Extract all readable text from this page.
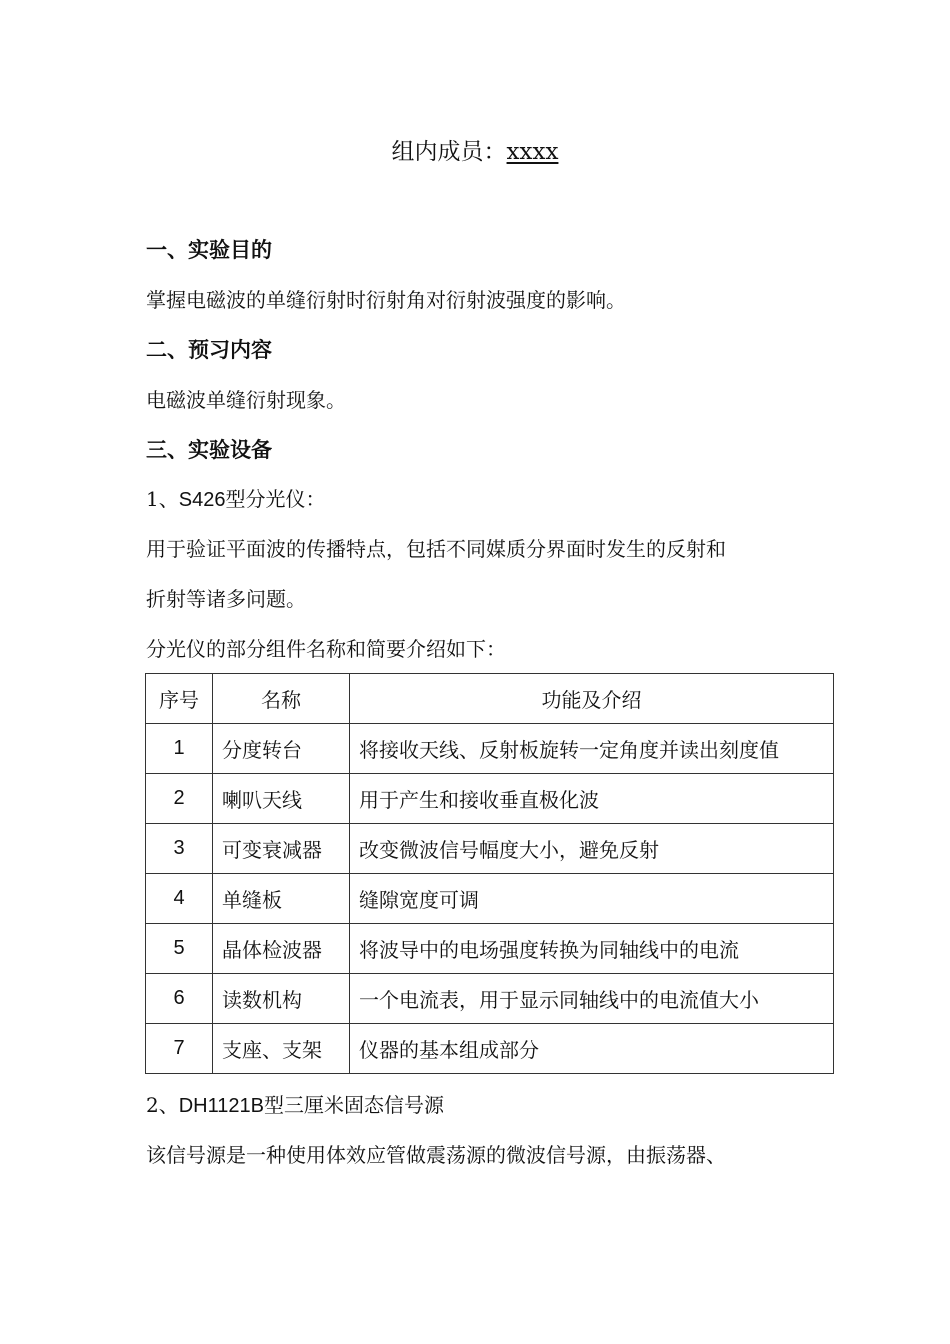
组内成员：xxxx
一、实验目的

掌握电磁波的单缝衍射时衍射角对衍射波强度的影响。

二、预习内容

电磁波单缝衍射现象。

三、实验设备

1、S426型分光仪：

用于验证平面波的传播特点，包括不同媒质分界面时发生的反射和

折射等诸多问题。

分光仪的部分组件名称和简要介绍如下：

序号	名称	功能及介绍
1	分度转台	将接收天线、反射板旋转一定角度并读出刻度值
2	喇叭天线	用于产生和接收垂直极化波
3	可变衰减器	改变微波信号幅度大小，避免反射
4	单缝板	缝隙宽度可调
5	晶体检波器	将波导中的电场强度转换为同轴线中的电流
6	读数机构	一个电流表，用于显示同轴线中的电流值大小
7	支座、支架	仪器的基本组成部分

2、DH1121B型三厘米固态信号源

该信号源是一种使用体效应管做震荡源的微波信号源，由振荡器、
